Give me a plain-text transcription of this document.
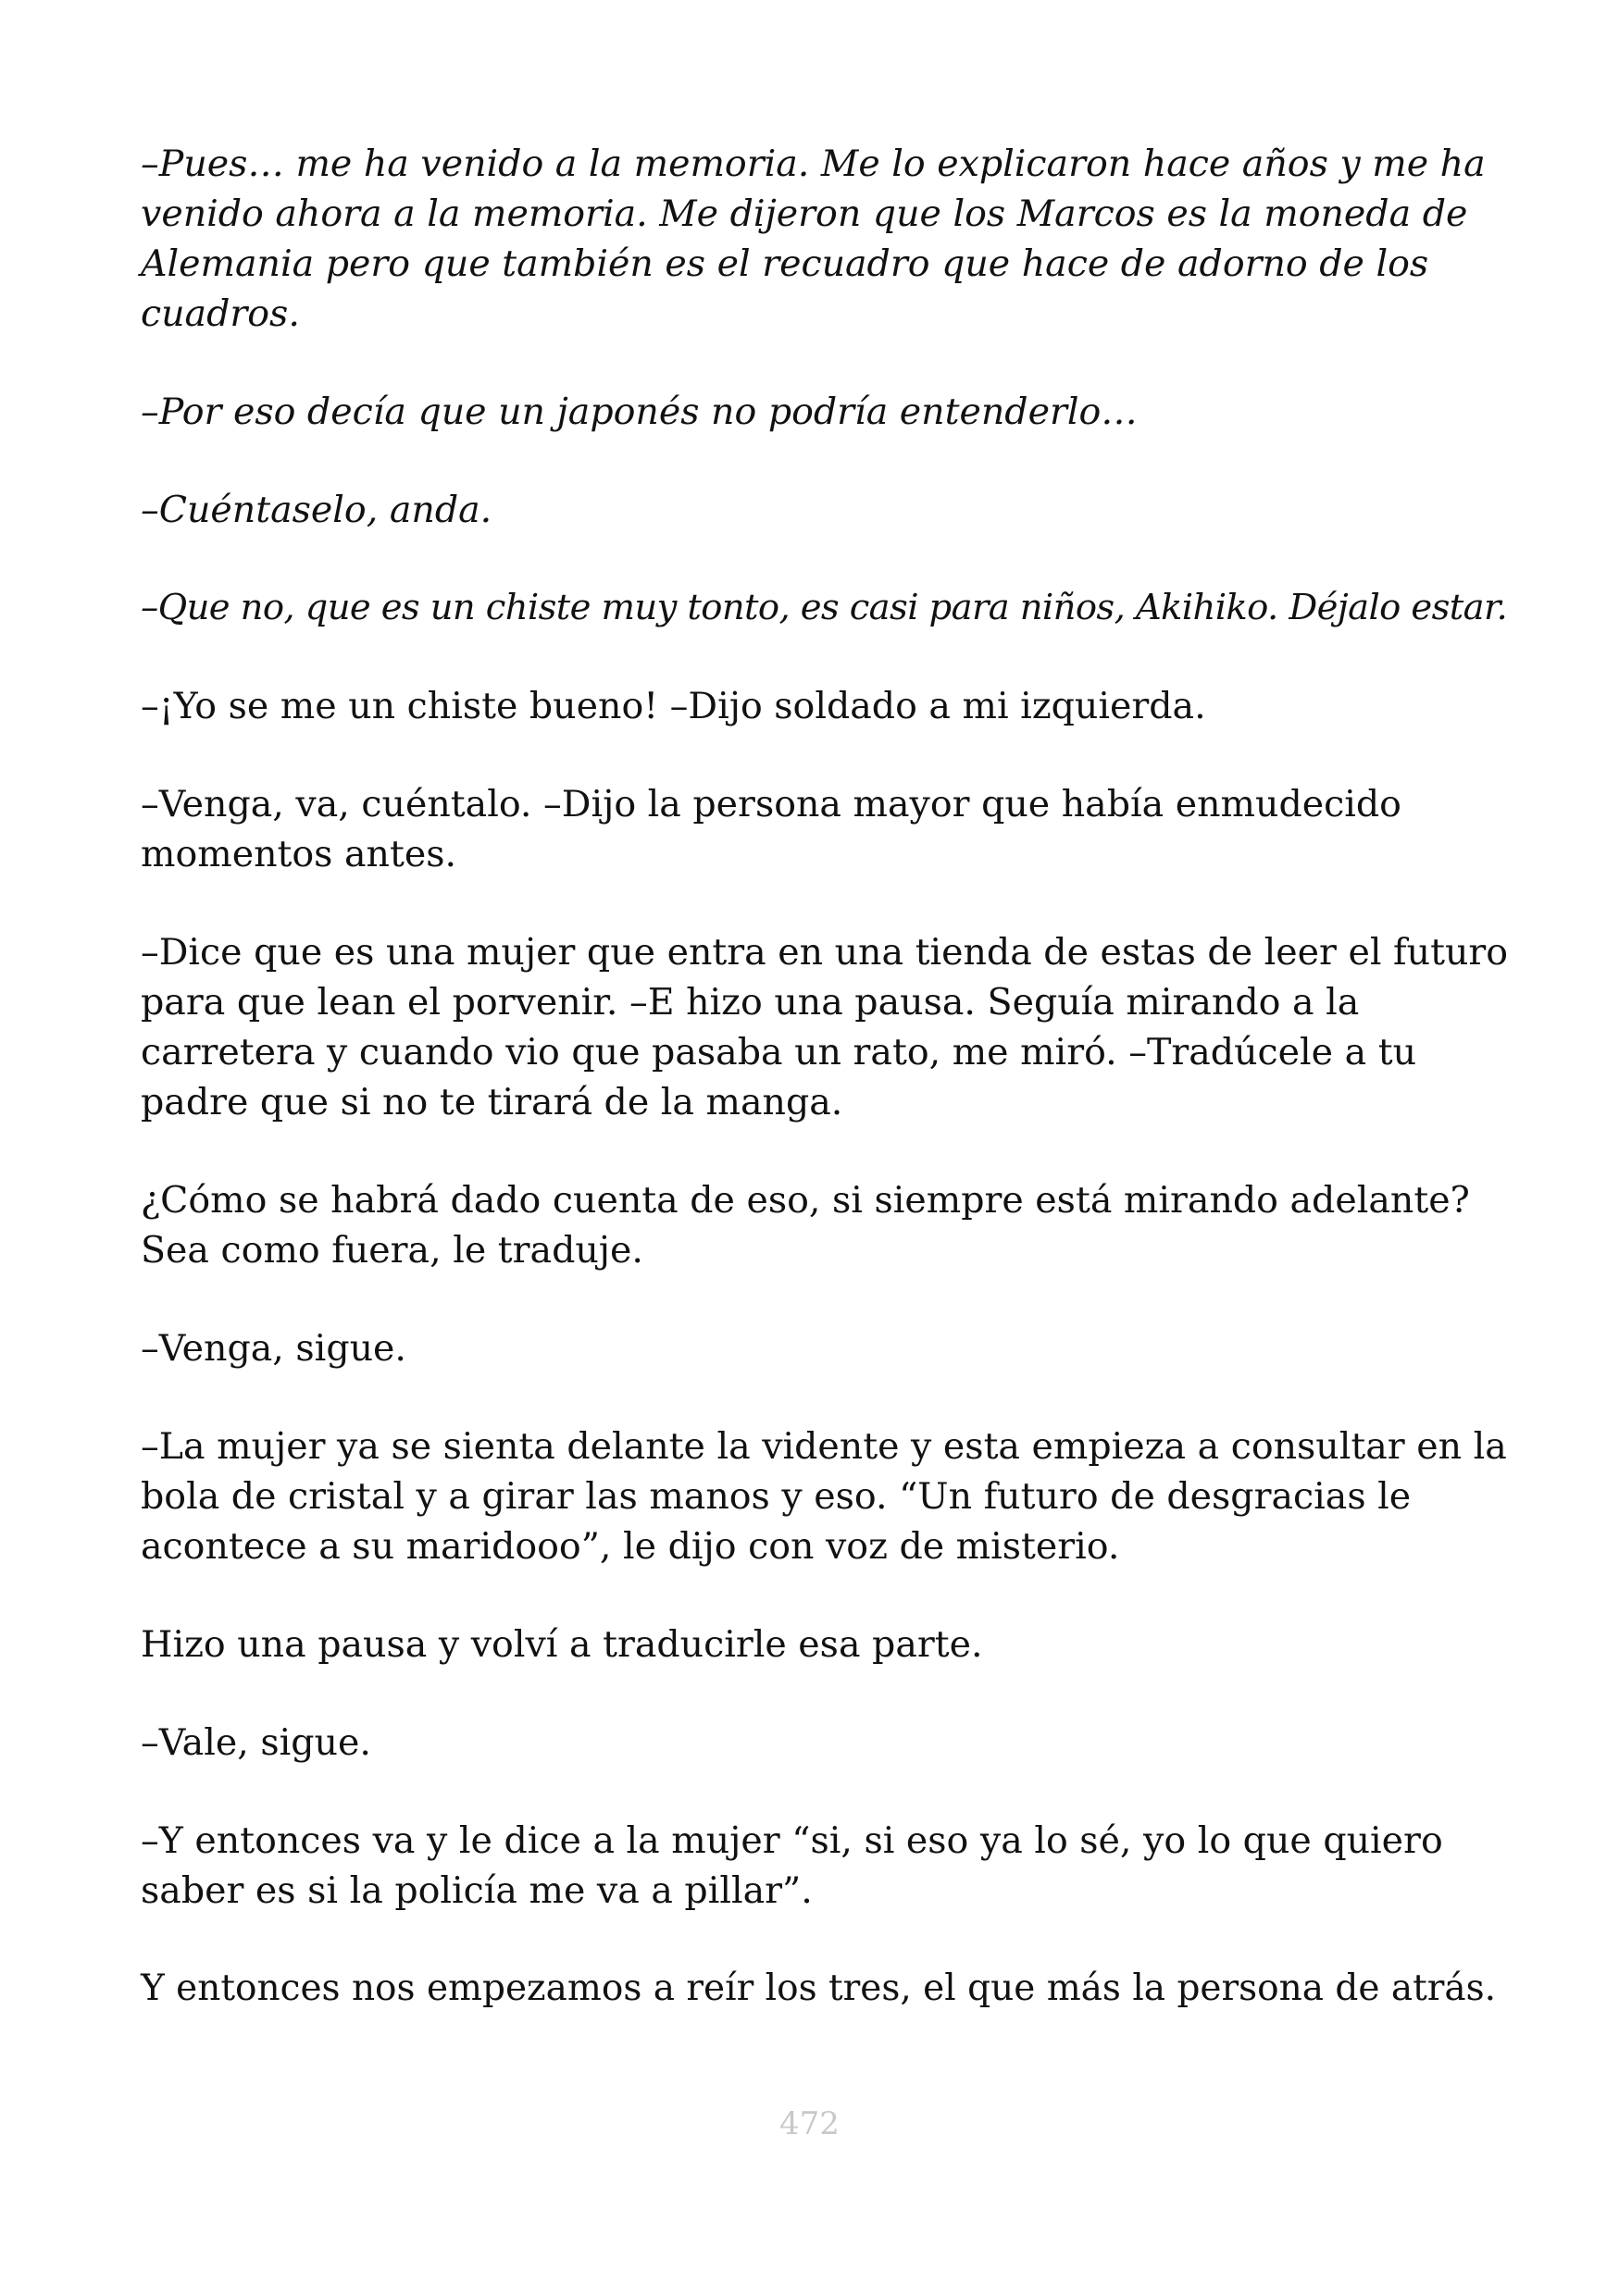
–Pues… me ha venido a la memoria. Me lo explicaron hace años y me ha
venido ahora a la memoria. Me dijeron que los Marcos es la moneda de
Alemania pero que también es el recuadro que hace de adorno de los
cuadros.

–Por eso decía que un japonés no podría entenderlo…

–Cuéntaselo, anda.

–Que no, que es un chiste muy tonto, es casi para niños, Akihiko. Déjalo estar.

–¡Yo se me un chiste bueno! –Dijo soldado a mi izquierda.

–Venga, va, cuéntalo. –Dijo la persona mayor que había enmudecido
momentos antes.

–Dice que es una mujer que entra en una tienda de estas de leer el futuro
para que lean el porvenir. –E hizo una pausa. Seguía mirando a la
carretera y cuando vio que pasaba un rato, me miró. –Tradúcele a tu
padre que si no te tirará de la manga.

¿Cómo se habrá dado cuenta de eso, si siempre está mirando adelante?
Sea como fuera, le traduje.

–Venga, sigue.

–La mujer ya se sienta delante la vidente y esta empieza a consultar en la
bola de cristal y a girar las manos y eso. “Un futuro de desgracias le
acontece a su maridooo”, le dijo con voz de misterio.

Hizo una pausa y volví a traducirle esa parte.

–Vale, sigue.

–Y entonces va y le dice a la mujer “si, si eso ya lo sé, yo lo que quiero
saber es si la policía me va a pillar”.

Y entonces nos empezamos a reír los tres, el que más la persona de atrás.

472
